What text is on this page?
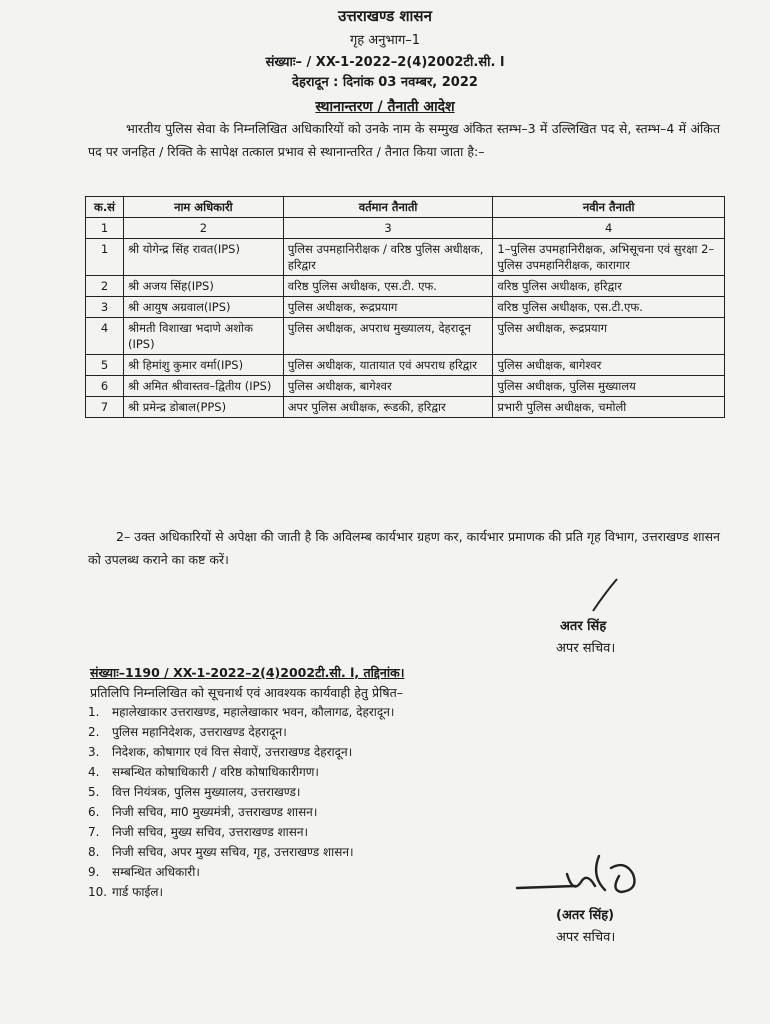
उत्तराखण्ड शासन
गृह अनुभाग–1
संख्याः– / XX-1-2022–2(4)2002टी.सी. l
देहरादून : दिनांक 03 नवम्बर, 2022
स्थानान्तरण / तैनाती आदेश
भारतीय पुलिस सेवा के निम्नलिखित अधिकारियों को उनके नाम के सम्मुख अंकित स्तम्भ–3 में उल्लिखित पद से, स्तम्भ–4 में अंकित पद पर जनहित / रिक्ति के सापेक्ष तत्काल प्रभाव से स्थानान्तरित / तैनात किया जाता है:–
क.सं	नाम अधिकारी	वर्तमान तैनाती	नवीन तैनाती
1	2	3	4
1	श्री योगेन्द्र सिंह रावत(IPS)	पुलिस उपमहानिरीक्षक / वरिष्ठ पुलिस अधीक्षक, हरिद्वार	1–पुलिस उपमहानिरीक्षक, अभिसूचना एवं सुरक्षा 2–पुलिस उपमहानिरीक्षक, कारागार
2	श्री अजय सिंह(IPS)	वरिष्ठ पुलिस अधीक्षक, एस.टी. एफ.	वरिष्ठ पुलिस अधीक्षक, हरिद्वार
3	श्री आयुष अग्रवाल(IPS)	पुलिस अधीक्षक, रूद्रप्रयाग	वरिष्ठ पुलिस अधीक्षक, एस.टी.एफ.
4	श्रीमती विशाखा भदाणे अशोक (IPS)	पुलिस अधीक्षक, अपराध मुख्यालय, देहरादून	पुलिस अधीक्षक, रूद्रप्रयाग
5	श्री हिमांशु कुमार वर्मा(IPS)	पुलिस अधीक्षक, यातायात एवं अपराध हरिद्वार	पुलिस अधीक्षक, बागेश्वर
6	श्री अमित श्रीवास्तव–द्वितीय (IPS)	पुलिस अधीक्षक, बागेश्वर	पुलिस अधीक्षक, पुलिस मुख्यालय
7	श्री प्रमेन्द्र डोबाल(PPS)	अपर पुलिस अधीक्षक, रूडकी, हरिद्वार	प्रभारी पुलिस अधीक्षक, चमोली
2– उक्त अधिकारियों से अपेक्षा की जाती है कि अविलम्ब कार्यभार ग्रहण कर, कार्यभार प्रमाणक की प्रति गृह विभाग, उत्तराखण्ड शासन को उपलब्ध कराने का कष्ट करें।
अतर सिंह
अपर सचिव।
संख्याः–1190 / XX-1-2022–2(4)2002टी.सी. l, तद्दिनांक।
प्रतिलिपि निम्नलिखित को सूचनार्थ एवं आवश्यक कार्यवाही हेतु प्रेषित–
1.	महालेखाकार उत्तराखण्ड, महालेखाकार भवन, कौलागढ, देहरादून।
2.	पुलिस महानिदेशक, उत्तराखण्ड देहरादून।
3.	निदेशक, कोषागार एवं वित्त सेवाऐं, उत्तराखण्ड देहरादून।
4.	सम्बन्धित कोषाधिकारी / वरिष्ठ कोषाधिकारीगण।
5.	वित्त नियंत्रक, पुलिस मुख्यालय, उत्तराखण्ड।
6.	निजी सचिव, मा0 मुख्यमंत्री, उत्तराखण्ड शासन।
7.	निजी सचिव, मुख्य सचिव, उत्तराखण्ड शासन।
8.	निजी सचिव, अपर मुख्य सचिव, गृह, उत्तराखण्ड शासन।
9.	सम्बन्धित अधिकारी।
10. गार्ड फाईल।
(अतर सिंह)
अपर सचिव।
